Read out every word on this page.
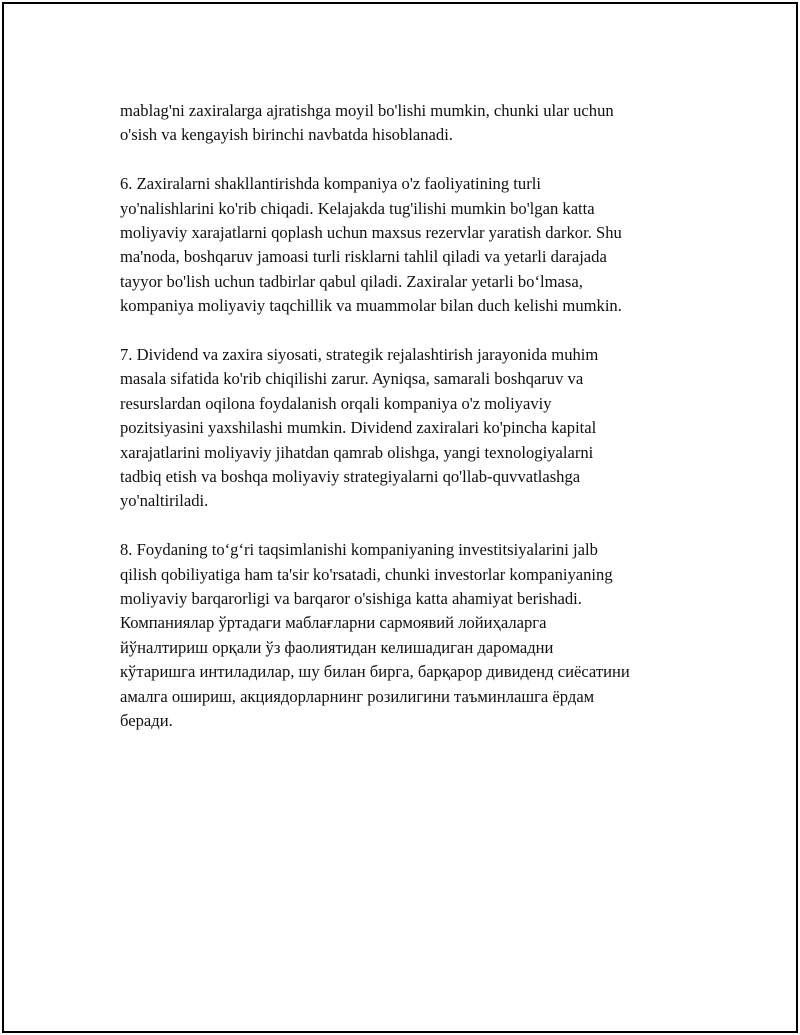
mablag'ni zaxiralarga ajratishga moyil bo'lishi mumkin, chunki ular uchun
o'sish va kengayish birinchi navbatda hisoblanadi.

6. Zaxiralarni shakllantirishda kompaniya o'z faoliyatining turli
yo'nalishlarini ko'rib chiqadi. Kelajakda tug'ilishi mumkin bo'lgan katta
moliyaviy xarajatlarni qoplash uchun maxsus rezervlar yaratish darkor. Shu
ma'noda, boshqaruv jamoasi turli risklarni tahlil qiladi va yetarli darajada
tayyor bo'lish uchun tadbirlar qabul qiladi. Zaxiralar yetarli bo‘lmasa,
kompaniya moliyaviy taqchillik va muammolar bilan duch kelishi mumkin.

7. Dividend va zaxira siyosati, strategik rejalashtirish jarayonida muhim
masala sifatida ko'rib chiqilishi zarur. Ayniqsa, samarali boshqaruv va
resurslardan oqilona foydalanish orqali kompaniya o'z moliyaviy
pozitsiyasini yaxshilashi mumkin. Dividend zaxiralari ko'pincha kapital
xarajatlarini moliyaviy jihatdan qamrab olishga, yangi texnologiyalarni
tadbiq etish va boshqa moliyaviy strategiyalarni qo'llab-quvvatlashga
yo'naltiriladi.

8. Foydaning to‘g‘ri taqsimlanishi kompaniyaning investitsiyalarini jalb
qilish qobiliyatiga ham ta'sir ko'rsatadi, chunki investorlar kompaniyaning
moliyaviy barqarorligi va barqaror o'sishiga katta ahamiyat berishadi.
Компаниялар ўртадаги маблағларни сармоявий лойиҳаларга
йўналтириш орқали ўз фаолиятидан келишадиган даромадни
кўтаришга интиладилар, шу билан бирга, барқарор дивиденд сиёсатини
амалга ошириш, акциядорларнинг розилигини таъминлашга ёрдам
беради.
